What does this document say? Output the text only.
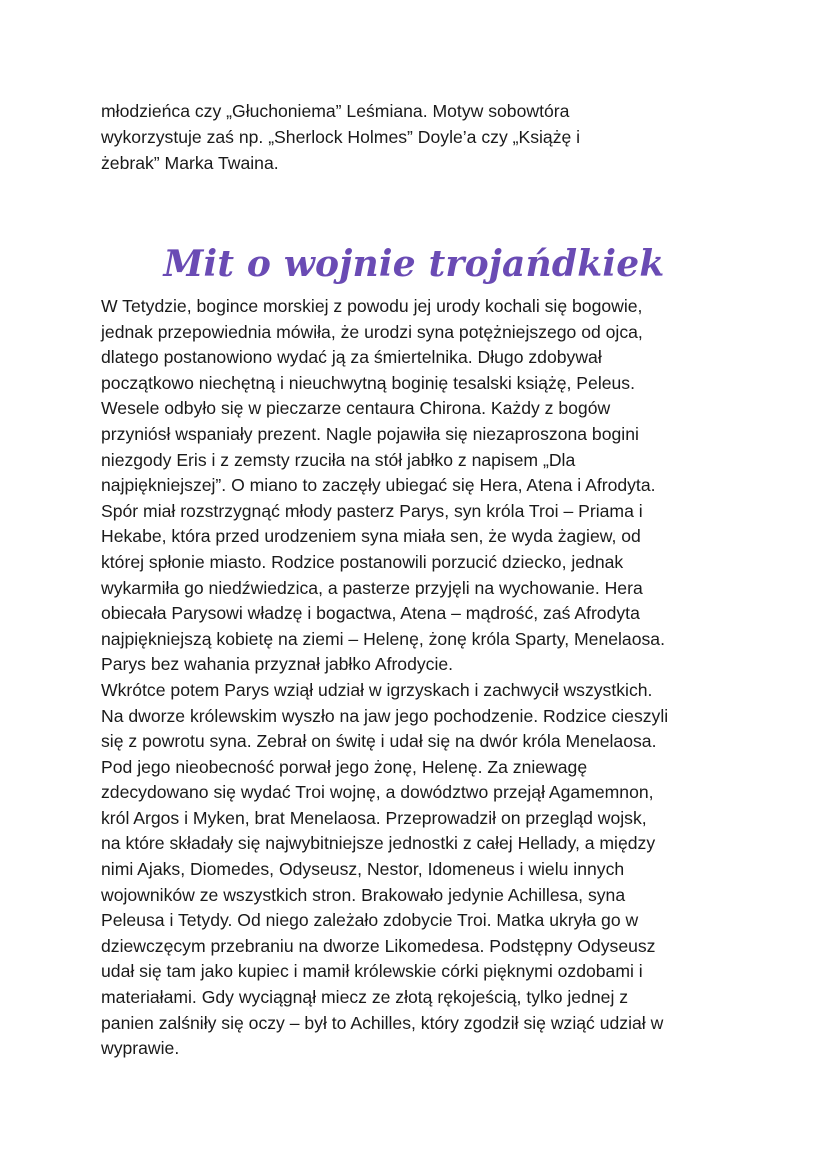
młodzieńca czy „Głuchoniema” Leśmiana. Motyw sobowtóra
wykorzystuje zaś np. „Sherlock Holmes” Doyle’a czy „Książę i
żebrak” Marka Twaina.

Mit o wojnie trojańdkiek

W Tetydzie, bogince morskiej z powodu jej urody kochali się bogowie,
jednak przepowiednia mówiła, że urodzi syna potężniejszego od ojca,
dlatego postanowiono wydać ją za śmiertelnika. Długo zdobywał
początkowo niechętną i nieuchwytną boginię tesalski książę, Peleus.
Wesele odbyło się w pieczarze centaura Chirona. Każdy z bogów
przyniósł wspaniały prezent. Nagle pojawiła się niezaproszona bogini
niezgody Eris i z zemsty rzuciła na stół jabłko z napisem „Dla
najpiękniejszej”. O miano to zaczęły ubiegać się Hera, Atena i Afrodyta.
Spór miał rozstrzygnąć młody pasterz Parys, syn króla Troi – Priama i
Hekabe, która przed urodzeniem syna miała sen, że wyda żagiew, od
której spłonie miasto. Rodzice postanowili porzucić dziecko, jednak
wykarmiła go niedźwiedzica, a pasterze przyjęli na wychowanie. Hera
obiecała Parysowi władzę i bogactwa, Atena – mądrość, zaś Afrodyta
najpiękniejszą kobietę na ziemi – Helenę, żonę króla Sparty, Menelaosa.
Parys bez wahania przyznał jabłko Afrodycie.
Wkrótce potem Parys wziął udział w igrzyskach i zachwycił wszystkich.
Na dworze królewskim wyszło na jaw jego pochodzenie. Rodzice cieszyli
się z powrotu syna. Zebrał on świtę i udał się na dwór króla Menelaosa.
Pod jego nieobecność porwał jego żonę, Helenę. Za zniewagę
zdecydowano się wydać Troi wojnę, a dowództwo przejął Agamemnon,
król Argos i Myken, brat Menelaosa. Przeprowadził on przegląd wojsk,
na które składały się najwybitniejsze jednostki z całej Hellady, a między
nimi Ajaks, Diomedes, Odyseusz, Nestor, Idomeneus i wielu innych
wojowników ze wszystkich stron. Brakowało jedynie Achillesa, syna
Peleusa i Tetydy. Od niego zależało zdobycie Troi. Matka ukryła go w
dziewczęcym przebraniu na dworze Likomedesa. Podstępny Odyseusz
udał się tam jako kupiec i mamił królewskie córki pięknymi ozdobami i
materiałami. Gdy wyciągnął miecz ze złotą rękojeścią, tylko jednej z
panien zalśniły się oczy – był to Achilles, który zgodził się wziąć udział w
wyprawie.
